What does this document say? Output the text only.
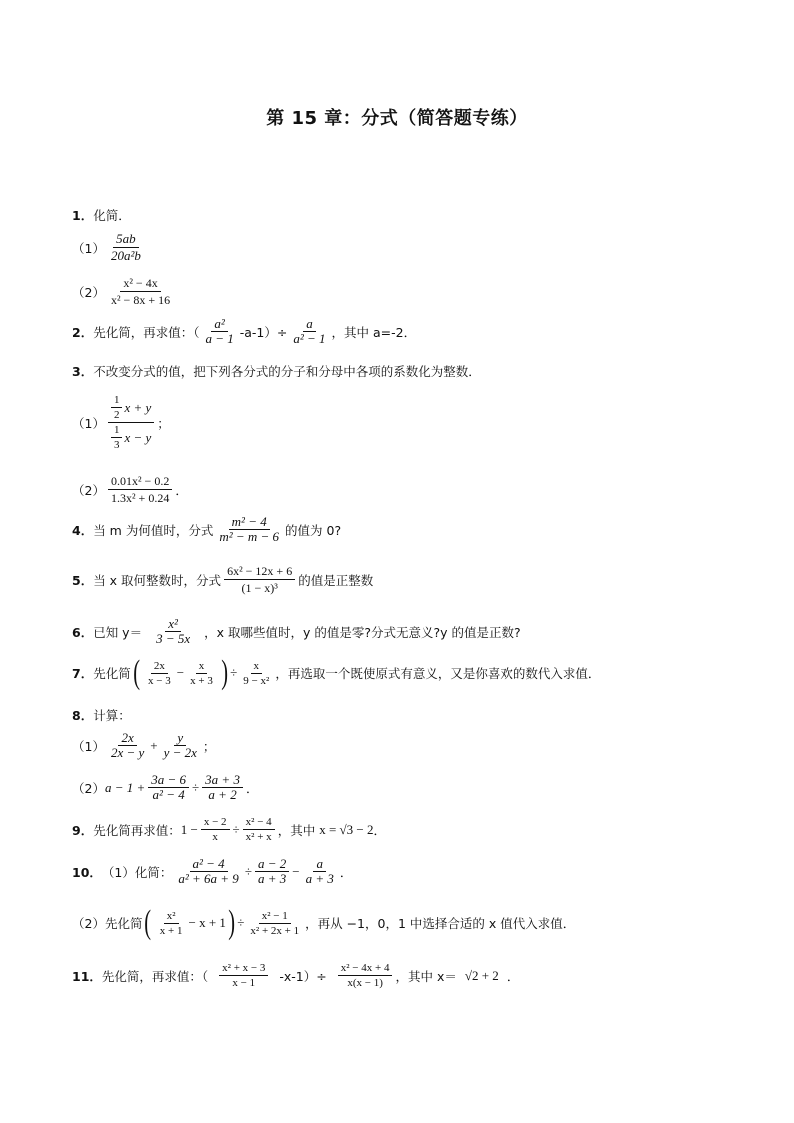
第 15 章：分式（简答题专练）
1． 化简．
$(1) \frac{5ab}{\text{20a²b}}$
$(2) \frac{\text{x² − 4x}}{\text{x² − 8x + 16}}$
2． 先化简，再求值：（ $\frac{\text{a²}}{a - 1} -a-1)\div \frac{a}{\text{a² − 1}}$ ，其中 a=-2．
3． 不改变分式的值，把下列各分式的分子和分母中各项的系数化为整数．
$(1) \frac{\frac{1}{2} x + y}{\frac{1}{3} x - y}$ ；
$(2) \frac{\text{0.01x² − 0.2}}{\text{1.3x² + 0.24}}$ ．
4． 当 m 为何值时，分式 $\frac{\text{m² − 4}}{\text{m² − m − 6}}$ 的值为 0?
5． 当 x 取何整数时，分式 $\frac{\text{6x² − 12x + 6}}{\text{(1 − x)³}}$ 的值是正整数
6． 已知 $y= \frac{\text{x²}}{3 - 5x}$ ，x 取哪些值时，y 的值是零?分式无意义?y 的值是正数?
7． 先化简 ( $\frac{2x}{x - 3} - \frac{x}{x + 3}$ ) ÷ $\frac{x}{\text{9 − x²}}$ ，再选取一个既使原式有意义，又是你喜欢的数代入求值．
8． 计算：
$(1) \frac{2x}{2x - y} + \frac{y}{y - 2x}$ ；
（2） $a - 1 + \frac{3a - 6}{\text{a² − 4}} \div \frac{3a + 3}{a + 2}$ ．
9． 先化简再求值： $1 - \frac{x - 2}{x} \div \frac{\text{x² − 4}}{\text{x² + x}}$ ，其中 x = √3 − 2 ．
10． （1）化简： $\frac{\text{a² − 4}}{\text{a² + 6a + 9}} \div \frac{a - 2}{a + 3} - \frac{a}{a + 3}$ ．
（2）先化简 ( $\frac{\text{x²}}{x + 1} - x + 1$ ) ÷ $\frac{\text{x² − 1}}{\text{x² + 2x + 1}}$ ，再从 −1，0，1 中选择合适的 x 值代入求值．
11． 先化简，再求值：（ $\frac{\text{x² + x − 3}}{x - 1} -x-1)\div \frac{\text{x² − 4x + 4}}{x(x - 1)}$ ，其中 x＝ √2 + 2 ．
